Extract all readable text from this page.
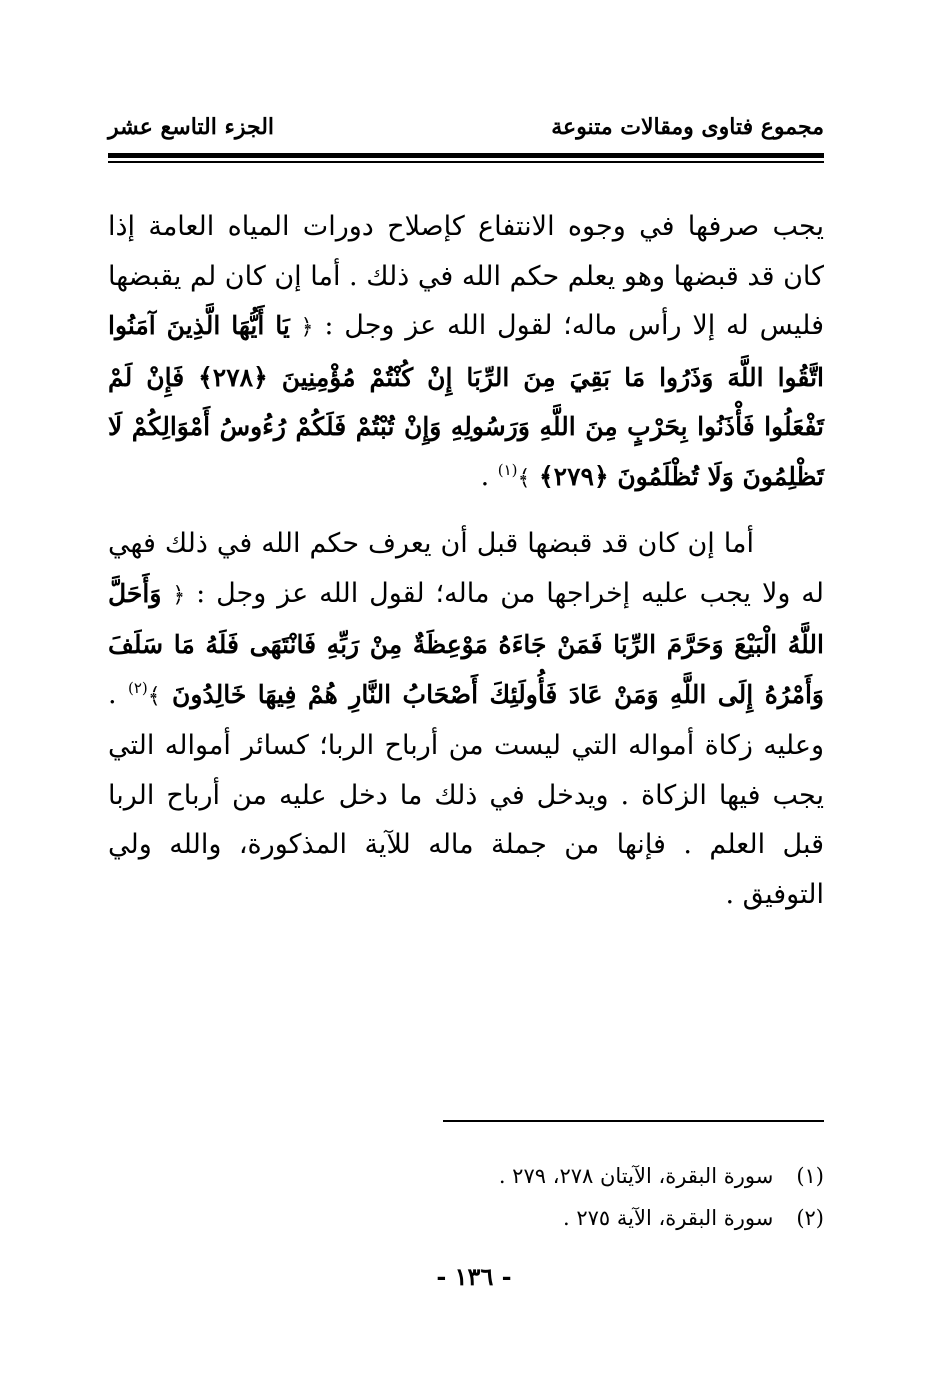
مجموع فتاوى ومقالات متنوعة
الجزء التاسع عشر

يجب صرفها في وجوه الانتفاع كإصلاح دورات المياه العامة إذا كان قد قبضها وهو يعلم حكم الله في ذلك . أما إن كان لم يقبضها فليس له إلا رأس ماله؛ لقول الله عز وجل : ﴿ يَا أَيُّهَا الَّذِينَ آمَنُوا اتَّقُوا اللَّهَ وَذَرُوا مَا بَقِيَ مِنَ الرِّبَا إِنْ كُنْتُمْ مُؤْمِنِينَ ﴿٢٧٨﴾ فَإِنْ لَمْ تَفْعَلُوا فَأْذَنُوا بِحَرْبٍ مِنَ اللَّهِ وَرَسُولِهِ وَإِنْ تُبْتُمْ فَلَكُمْ رُءُوسُ أَمْوَالِكُمْ لَا تَظْلِمُونَ وَلَا تُظْلَمُونَ ﴿٢٧٩﴾ ﴾$^{(١)}$ .

أما إن كان قد قبضها قبل أن يعرف حكم الله في ذلك فهي له ولا يجب عليه إخراجها من ماله؛ لقول الله عز وجل : ﴿ وَأَحَلَّ اللَّهُ الْبَيْعَ وَحَرَّمَ الرِّبَا فَمَنْ جَاءَهُ مَوْعِظَةٌ مِنْ رَبِّهِ فَانْتَهَى فَلَهُ مَا سَلَفَ وَأَمْرُهُ إِلَى اللَّهِ وَمَنْ عَادَ فَأُولَئِكَ أَصْحَابُ النَّارِ هُمْ فِيهَا خَالِدُونَ ﴾$^{(٢)}$ . وعليه زكاة أمواله التي ليست من أرباح الربا؛ كسائر أمواله التي يجب فيها الزكاة . ويدخل في ذلك ما دخل عليه من أرباح الربا قبل العلم . فإنها من جملة ماله للآية المذكورة، والله ولي التوفيق .

(١) سورة البقرة، الآيتان ٢٧٨، ٢٧٩ .
(٢) سورة البقرة، الآية ٢٧٥ .
- ١٣٦ -
